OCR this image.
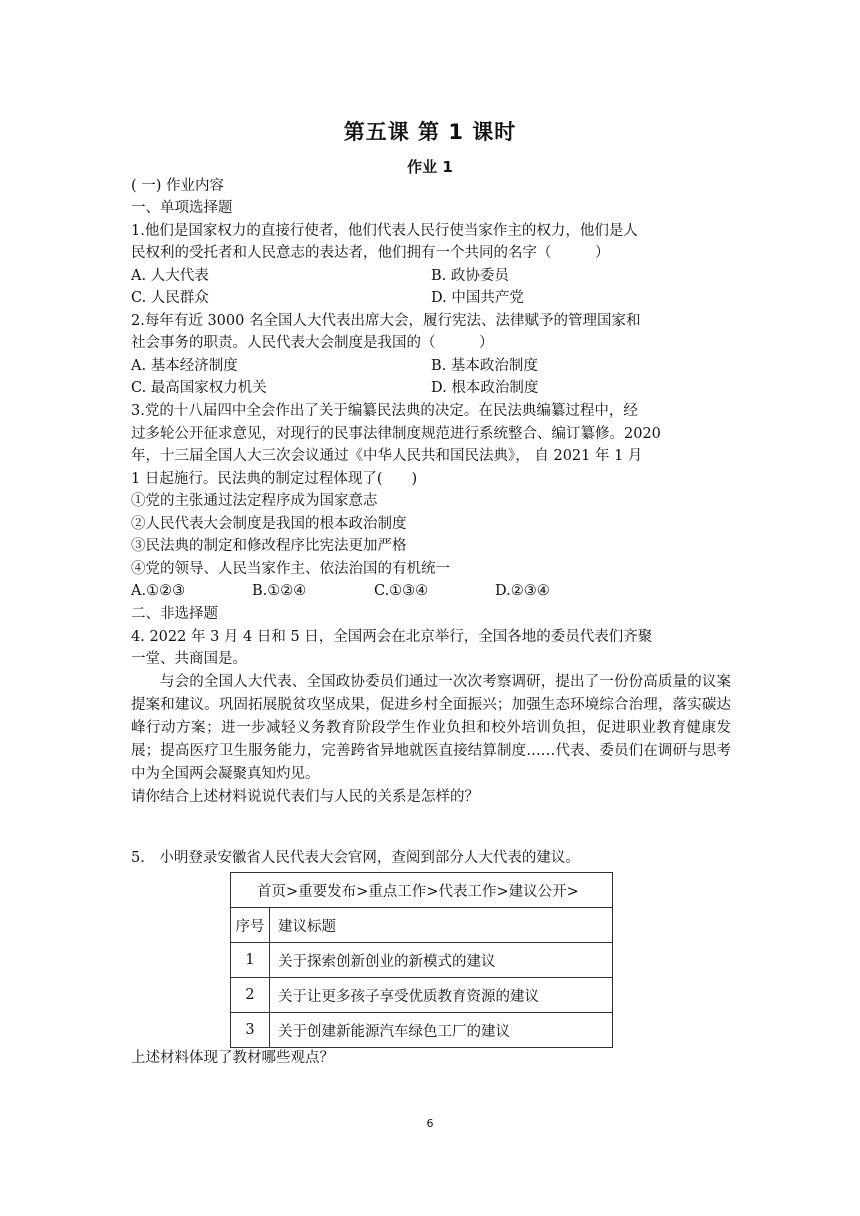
第五课 第 1 课时
作业 1
( 一) 作业内容
一、单项选择题
1.他们是国家权力的直接行使者，他们代表人民行使当家作主的权力，他们是人
民权利的受托者和人民意志的表达者，他们拥有一个共同的名字（　　　）
A. 人大代表	B. 政协委员
C. 人民群众	D. 中国共产党
2.每年有近 3000 名全国人大代表出席大会，履行宪法、法律赋予的管理国家和
社会事务的职责。人民代表大会制度是我国的（　　　）
A. 基本经济制度	B. 基本政治制度
C. 最高国家权力机关	D. 根本政治制度
3.党的十八届四中全会作出了关于编纂民法典的决定。在民法典编纂过程中，经
过多轮公开征求意见，对现行的民事法律制度规范进行系统整合、编订纂修。2020
年，十三届全国人大三次会议通过《中华人民共和国民法典》， 自 2021 年 1 月
1 日起施行。民法典的制定过程体现了(　　)
①党的主张通过法定程序成为国家意志
②人民代表大会制度是我国的根本政治制度
③民法典的制定和修改程序比宪法更加严格
④党的领导、人民当家作主、依法治国的有机统一
A.①②③	B.①②④	C.①③④	D.②③④
二、非选择题
4. 2022 年 3 月 4 日和 5 日，全国两会在北京举行，全国各地的委员代表们齐聚
一堂、共商国是。
与会的全国人大代表、全国政协委员们通过一次次考察调研，提出了一份份高质量的议案提案和建议。巩固拓展脱贫攻坚成果，促进乡村全面振兴；加强生态环境综合治理，落实碳达峰行动方案；进一步减轻义务教育阶段学生作业负担和校外培训负担，促进职业教育健康发展；提高医疗卫生服务能力，完善跨省异地就医直接结算制度……代表、委员们在调研与思考中为全国两会凝聚真知灼见。
请你结合上述材料说说代表们与人民的关系是怎样的？
5.　小明登录安徽省人民代表大会官网，查阅到部分人大代表的建议。
首页>重要发布>重点工作>代表工作>建议公开>	
序号	建议标题
1	关于探索创新创业的新模式的建议
2	关于让更多孩子享受优质教育资源的建议
3	关于创建新能源汽车绿色工厂的建议
上述材料体现了教材哪些观点？
6
